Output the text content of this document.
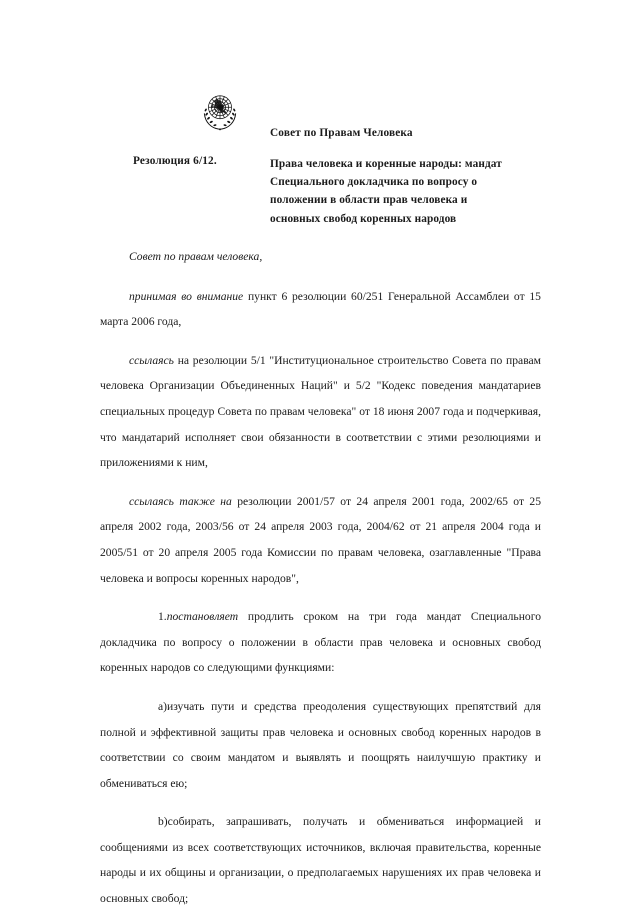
Совет по Правам Человека
Резолюция 6/12.	Права человека и коренные народы: мандат
Специального докладчика по вопросу о
положении в области прав человека и
основных свобод коренных народов

Совет по правам человека,

принимая во внимание пункт 6 резолюции 60/251 Генеральной Ассамблеи от 15 марта 2006 года,

ссылаясь на резолюции 5/1 "Институциональное строительство Совета по правам человека Организации Объединенных Наций" и 5/2 "Кодекс поведения мандатариев специальных процедур Совета по правам человека" от 18 июня 2007 года и подчеркивая, что мандатарий исполняет свои обязанности в соответствии с этими резолюциями и приложениями к ним,

ссылаясь также на резолюции 2001/57 от 24 апреля 2001 года, 2002/65 от 25 апреля 2002 года, 2003/56 от 24 апреля 2003 года, 2004/62 от 21 апреля 2004 года и 2005/51 от 20 апреля 2005 года Комиссии по правам человека, озаглавленные "Права человека и вопросы коренных народов",

1.постановляет продлить сроком на три года мандат Специального докладчика по вопросу о положении в области прав человека и основных свобод коренных народов со следующими функциями:

a)изучать пути и средства преодоления существующих препятствий для полной и эффективной защиты прав человека и основных свобод коренных народов в соответствии со своим мандатом и выявлять и поощрять наилучшую практику и обмениваться ею;

b)собирать, запрашивать, получать и обмениваться информацией и сообщениями из всех соответствующих источников, включая правительства, коренные народы и их общины и организации, о предполагаемых нарушениях их прав человека и основных свобод;
